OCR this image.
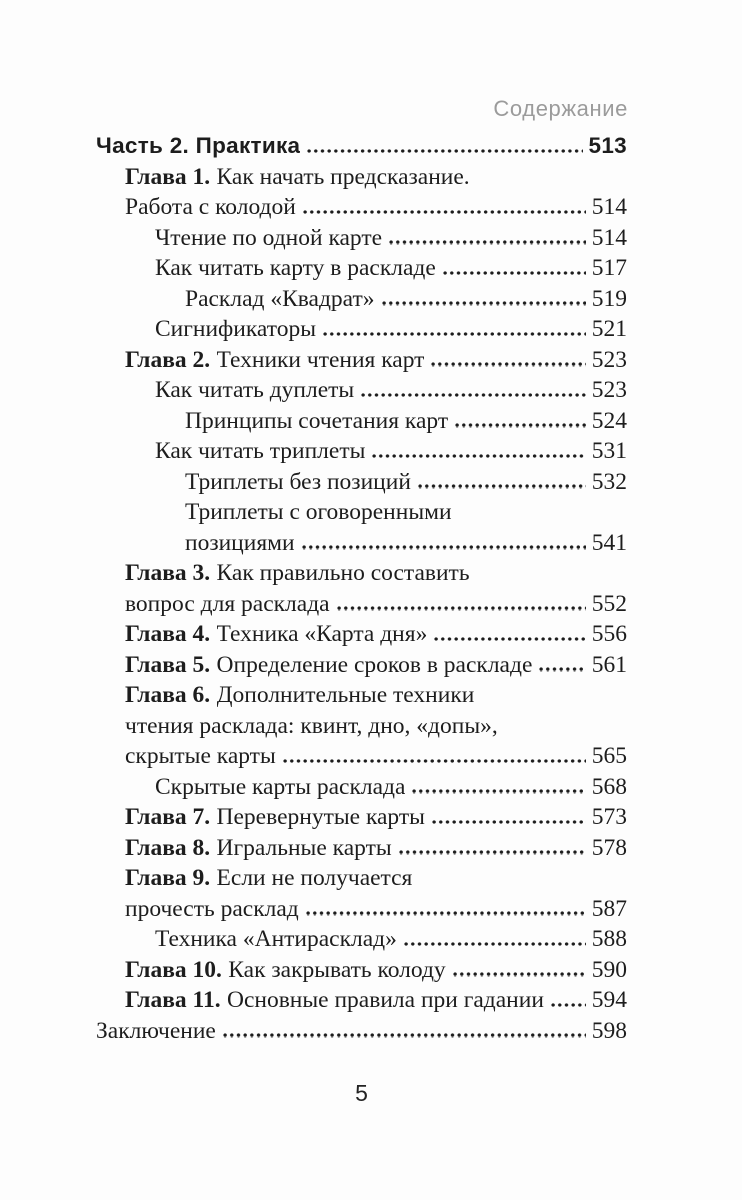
Содержание
Часть 2. Практика	513
Глава 1. Как начать предсказание.
Работа с колодой	514
Чтение по одной карте	514
Как читать карту в раскладе	517
Расклад «Квадрат»	519
Сигнификаторы	521
Глава 2. Техники чтения карт	523
Как читать дуплеты	523
Принципы сочетания карт	524
Как читать триплеты	531
Триплеты без позиций	532
Триплеты с оговоренными
позициями	541
Глава 3. Как правильно составить
вопрос для расклада	552
Глава 4. Техника «Карта дня»	556
Глава 5. Определение сроков в раскладе	561
Глава 6. Дополнительные техники
чтения расклада: квинт, дно, «допы»,
скрытые карты	565
Скрытые карты расклада	568
Глава 7. Перевернутые карты	573
Глава 8. Игральные карты	578
Глава 9. Если не получается
прочесть расклад	587
Техника «Антирасклад»	588
Глава 10. Как закрывать колоду	590
Глава 11. Основные правила при гадании 594
Заключение	598
5
